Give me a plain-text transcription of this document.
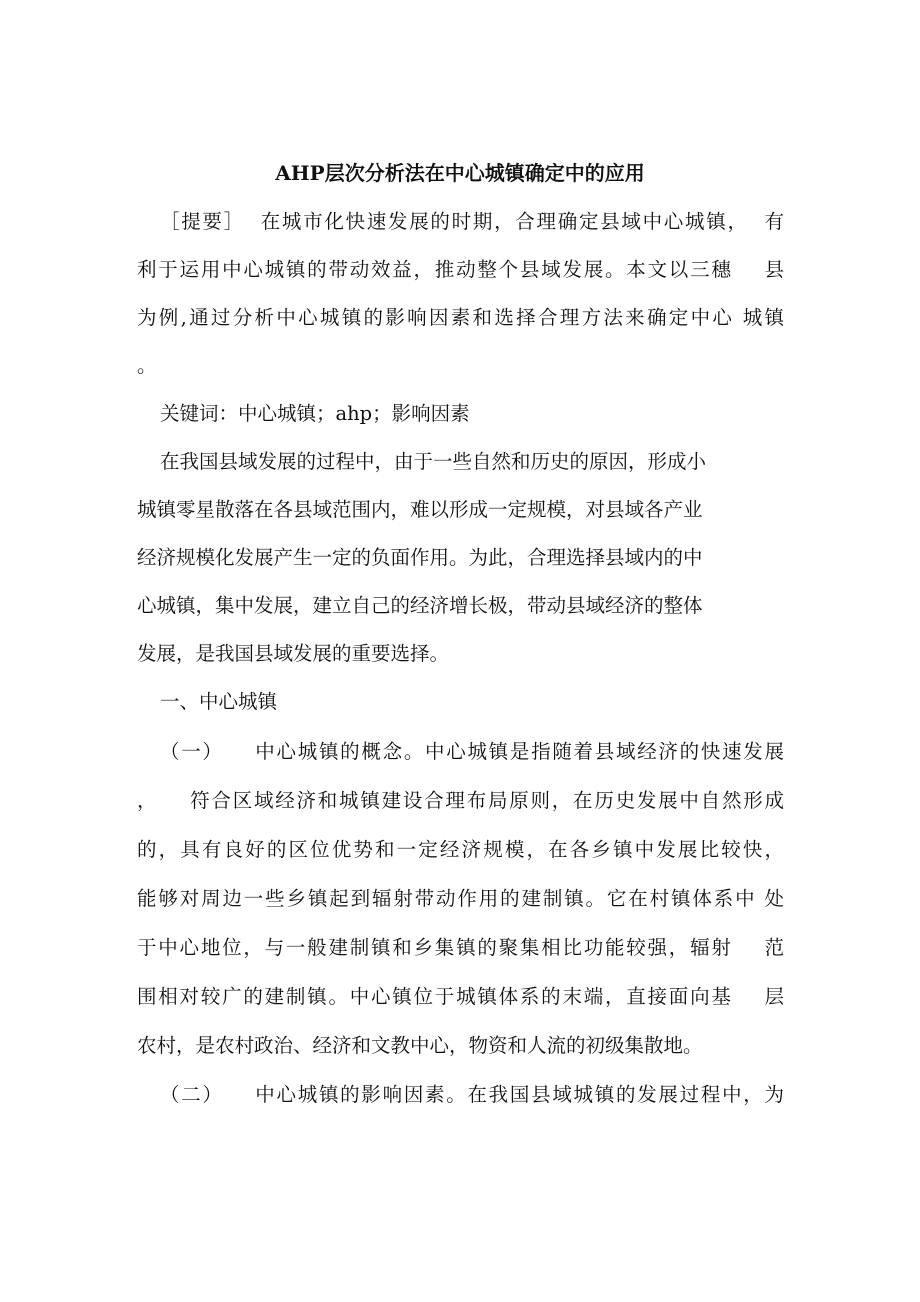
AHP层次分析法在中心城镇确定中的应用
［提要］  在城市化快速发展的时期，合理确定县域中心城镇，  有
利于运用中心城镇的带动效益，推动整个县域发展。本文以三穗    县
为例,通过分析中心城镇的影响因素和选择合理方法来确定中心 城镇
。
关键词：中心城镇；ahp；影响因素
在我国县域发展的过程中，由于一些自然和历史的原因，形成小
城镇零星散落在各县域范围内，难以形成一定规模，对县域各产业
经济规模化发展产生一定的负面作用。为此，合理选择县域内的中
心城镇，集中发展，建立自己的经济增长极，带动县域经济的整体
发展，是我国县域发展的重要选择。
一、中心城镇
（一）    中心城镇的概念。中心城镇是指随着县域经济的快速发展
，    符合区域经济和城镇建设合理布局原则，在历史发展中自然形成
的，具有良好的区位优势和一定经济规模，在各乡镇中发展比较快，
能够对周边一些乡镇起到辐射带动作用的建制镇。它在村镇体系中 处
于中心地位，与一般建制镇和乡集镇的聚集相比功能较强，辐射    范
围相对较广的建制镇。中心镇位于城镇体系的末端，直接面向基    层
农村，是农村政治、经济和文教中心，物资和人流的初级集散地。
（二）    中心城镇的影响因素。在我国县域城镇的发展过程中，为
